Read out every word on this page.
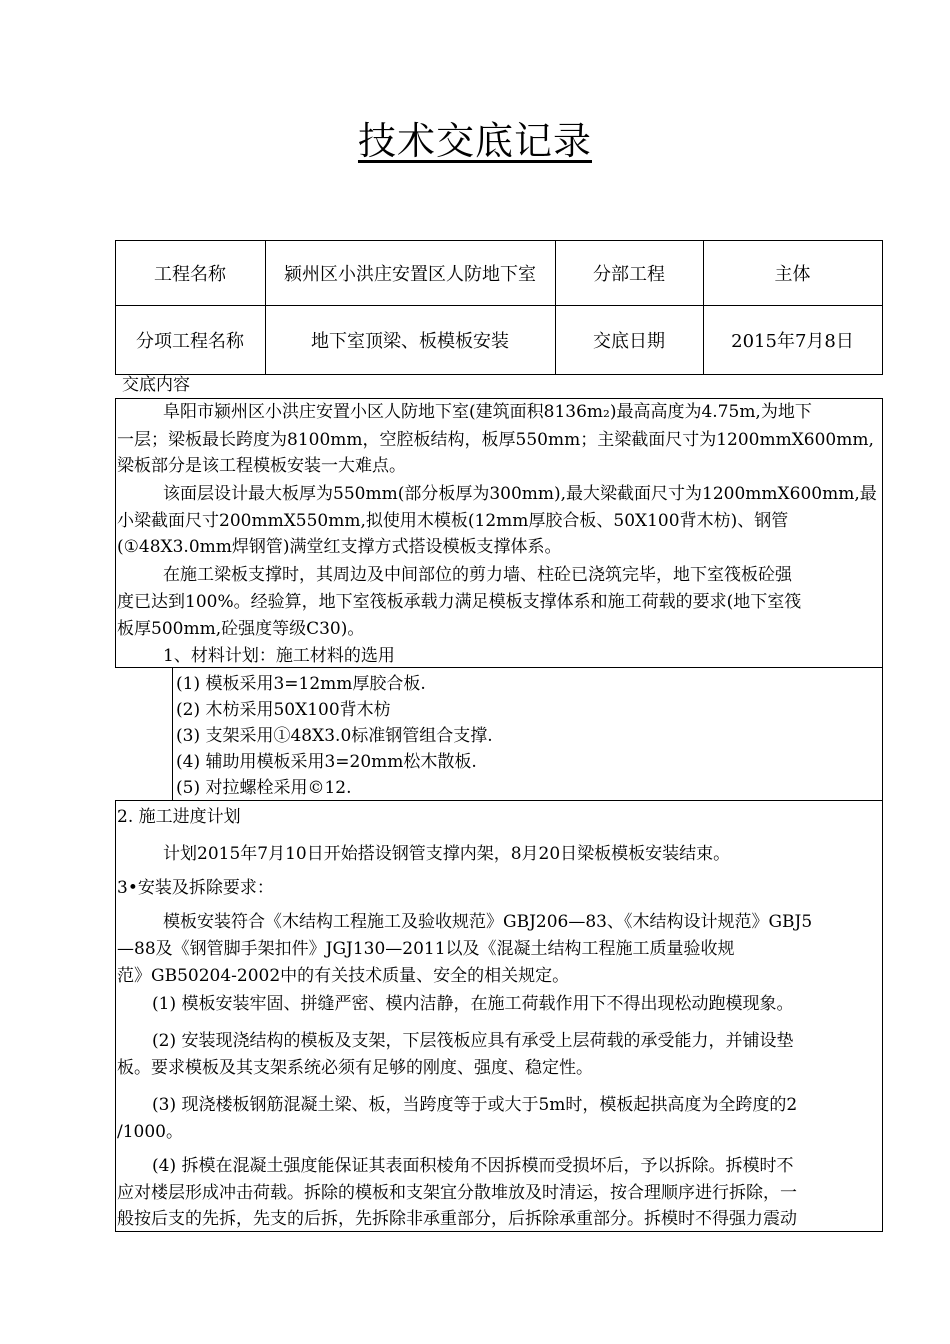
技术交底记录
工程名称	颍州区小洪庄安置区人防地下室	分部工程	主体
分项工程名称	地下室顶梁、板模板安装	交底日期	2015年7月8日
交底内容
阜阳市颍州区小洪庄安置小区人防地下室(建筑面积8136m₂)最高高度为4.75m,为地下
一层；梁板最长跨度为8100mm，空腔板结构，板厚550mm；主梁截面尺寸为1200mmX600mm,
梁板部分是该工程模板安装一大难点。
该面层设计最大板厚为550mm(部分板厚为300mm),最大梁截面尺寸为1200mmX600mm,最
小梁截面尺寸200mmX550mm,拟使用木模板(12mm厚胶合板、50X100背木枋)、钢管
(①48X3.0mm焊钢管)满堂红支撑方式搭设模板支撑体系。
在施工梁板支撑时，其周边及中间部位的剪力墙、柱砼已浇筑完毕，地下室筏板砼强
度已达到100%。经验算，地下室筏板承载力满足模板支撑体系和施工荷载的要求(地下室筏
板厚500mm,砼强度等级C30)。
1、材料计划：施工材料的选用
(1) 模板采用3=12mm厚胶合板.
(2) 木枋采用50X100背木枋
(3) 支架采用①48X3.0标准钢管组合支撑.
(4) 辅助用模板采用3=20mm松木散板.
(5) 对拉螺栓采用©12.
2. 施工进度计划
计划2015年7月10日开始搭设钢管支撑内架，8月20日梁板模板安装结束。
3•安装及拆除要求：
模板安装符合《木结构工程施工及验收规范》GBJ206—83、《木结构设计规范》GBJ5
—88及《钢管脚手架扣件》JGJ130—2011以及《混凝土结构工程施工质量验收规
范》GB50204-2002中的有关技术质量、安全的相关规定。
(1) 模板安装牢固、拼缝严密、模内洁静，在施工荷载作用下不得出现松动跑模现象。
(2) 安装现浇结构的模板及支架，下层筏板应具有承受上层荷载的承受能力，并铺设垫
板。要求模板及其支架系统必须有足够的刚度、强度、稳定性。
(3) 现浇楼板钢筋混凝土梁、板，当跨度等于或大于5m时，模板起拱高度为全跨度的2
/1000。
(4) 拆模在混凝土强度能保证其表面积棱角不因拆模而受损坏后，予以拆除。拆模时不
应对楼层形成冲击荷载。拆除的模板和支架宜分散堆放及时清运，按合理顺序进行拆除，一
般按后支的先拆，先支的后拆，先拆除非承重部分，后拆除承重部分。拆模时不得强力震动
